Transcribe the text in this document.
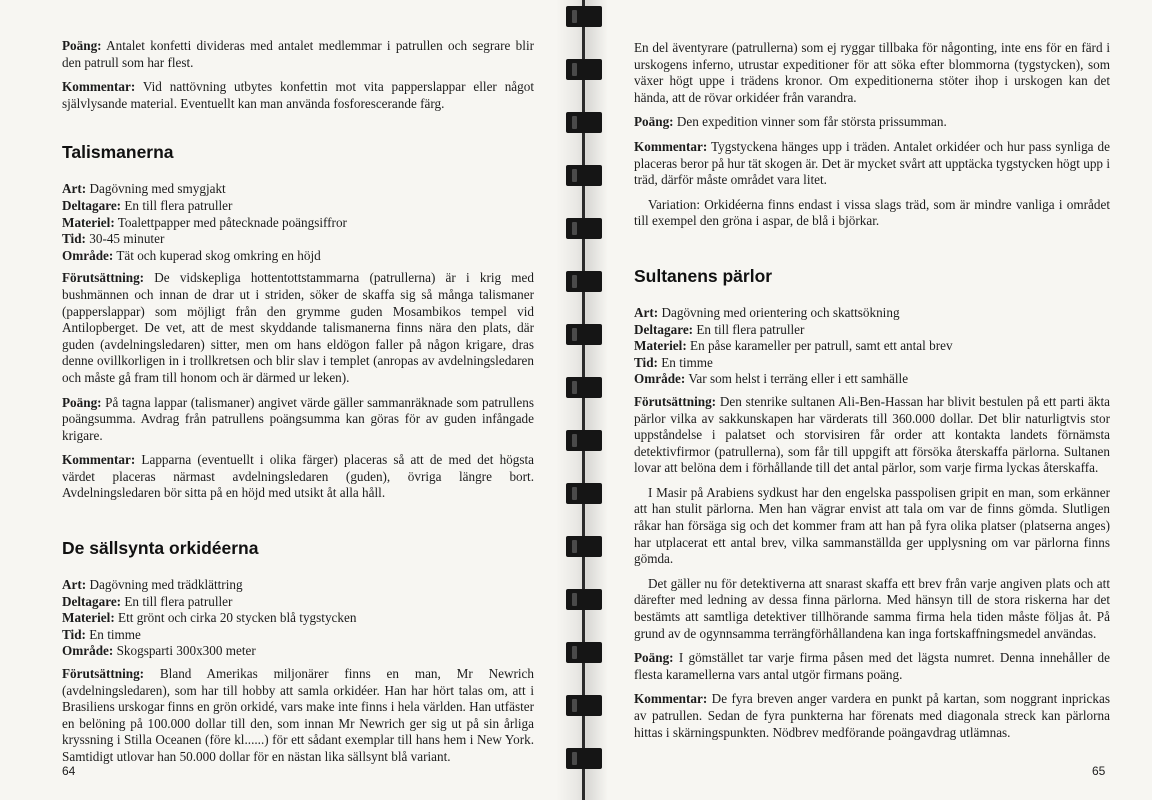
Poäng: Antalet konfetti divideras med antalet medlemmar i patrullen och segrare blir den patrull som har flest.

Kommentar: Vid nattövning utbytes konfettin mot vita papperslappar eller något självlysande material. Eventuellt kan man använda fosforescerande färg.

Talismanerna
Art: Dagövning med smygjakt
Deltagare: En till flera patruller
Materiel: Toalettpapper med påtecknade poängsiffror
Tid: 30-45 minuter
Område: Tät och kuperad skog omkring en höjd

Förutsättning: De vidskepliga hottentottstammarna (patrullerna) är i krig med bushmännen och innan de drar ut i striden, söker de skaffa sig så många talismaner (papperslappar) som möjligt från den grymme guden Mosambikos tempel vid Antilopberget. De vet, att de mest skyddande talismanerna finns nära den plats, där guden (avdelningsledaren) sitter, men om hans eldögon faller på någon krigare, dras denne ovillkorligen in i trollkretsen och blir slav i templet (anropas av avdelningsledaren och måste gå fram till honom och är därmed ur leken).

Poäng: På tagna lappar (talismaner) angivet värde gäller sammanräknade som patrullens poängsumma. Avdrag från patrullens poängsumma kan göras för av guden infångade krigare.

Kommentar: Lapparna (eventuellt i olika färger) placeras så att de med det högsta värdet placeras närmast avdelningsledaren (guden), övriga längre bort. Avdelningsledaren bör sitta på en höjd med utsikt åt alla håll.

De sällsynta orkidéerna
Art: Dagövning med trädklättring
Deltagare: En till flera patruller
Materiel: Ett grönt och cirka 20 stycken blå tygstycken
Tid: En timme
Område: Skogsparti 300x300 meter

Förutsättning: Bland Amerikas miljonärer finns en man, Mr Newrich (avdelningsledaren), som har till hobby att samla orkidéer. Han har hört talas om, att i Brasiliens urskogar finns en grön orkidé, vars make inte finns i hela världen. Han utfäster en belöning på 100.000 dollar till den, som innan Mr Newrich ger sig ut på sin årliga kryssning i Stilla Oceanen (före kl......) för ett sådant exemplar till hans hem i New York. Samtidigt utlovar han 50.000 dollar för en nästan lika sällsynt blå variant.

64

En del äventyrare (patrullerna) som ej ryggar tillbaka för någonting, inte ens för en färd i urskogens inferno, utrustar expeditioner för att söka efter blommorna (tygstycken), som växer högt uppe i trädens kronor. Om expeditionerna stöter ihop i urskogen kan det hända, att de rövar orkidéer från varandra.

Poäng: Den expedition vinner som får största prissumman.

Kommentar: Tygstyckena hänges upp i träden. Antalet orkidéer och hur pass synliga de placeras beror på hur tät skogen är. Det är mycket svårt att upptäcka tygstycken högt upp i träd, därför måste området vara litet.

Variation: Orkidéerna finns endast i vissa slags träd, som är mindre vanliga i området till exempel den gröna i aspar, de blå i björkar.

Sultanens pärlor
Art: Dagövning med orientering och skattsökning
Deltagare: En till flera patruller
Materiel: En påse karameller per patrull, samt ett antal brev
Tid: En timme
Område: Var som helst i terräng eller i ett samhälle

Förutsättning: Den stenrike sultanen Ali-Ben-Hassan har blivit bestulen på ett parti äkta pärlor vilka av sakkunskapen har värderats till 360.000 dollar. Det blir naturligtvis stor uppståndelse i palatset och storvisiren får order att kontakta landets förnämsta detektivfirmor (patrullerna), som får till uppgift att försöka återskaffa pärlorna. Sultanen lovar att belöna dem i förhållande till det antal pärlor, som varje firma lyckas återskaffa.

I Masir på Arabiens sydkust har den engelska passpolisen gripit en man, som erkänner att han stulit pärlorna. Men han vägrar envist att tala om var de finns gömda. Slutligen råkar han försäga sig och det kommer fram att han på fyra olika platser (platserna anges) har utplacerat ett antal brev, vilka sammanställda ger upplysning om var pärlorna finns gömda.

Det gäller nu för detektiverna att snarast skaffa ett brev från varje angiven plats och att därefter med ledning av dessa finna pärlorna. Med hänsyn till de stora riskerna har det bestämts att samtliga detektiver tillhörande samma firma hela tiden måste följas åt. På grund av de ogynnsamma terrängförhållandena kan inga fortskaffningsmedel användas.

Poäng: I gömstället tar varje firma påsen med det lägsta numret. Denna innehåller de flesta karamellerna vars antal utgör firmans poäng.

Kommentar: De fyra breven anger vardera en punkt på kartan, som noggrant inprickas av patrullen. Sedan de fyra punkterna har förenats med diagonala streck kan pärlorna hittas i skärningspunkten. Nödbrev medförande poängavdrag utlämnas.

65
